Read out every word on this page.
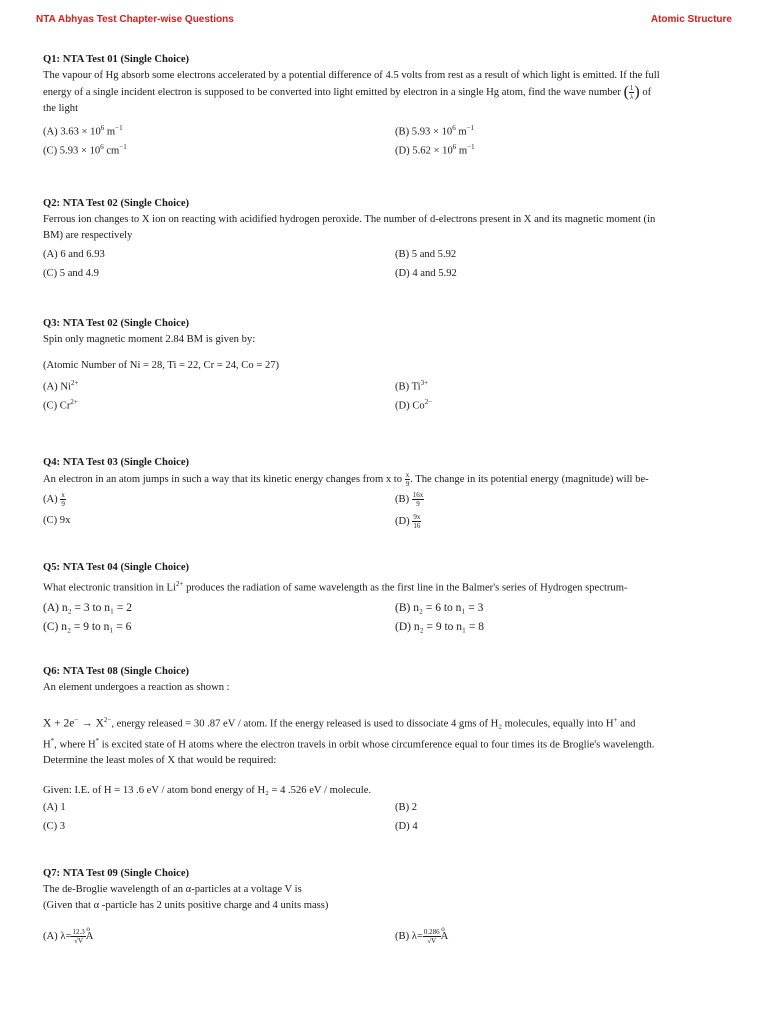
NTA Abhyas Test Chapter-wise Questions	Atomic Structure
Q1: NTA Test 01 (Single Choice)
The vapour of Hg absorb some electrons accelerated by a potential difference of 4.5 volts from rest as a result of which light is emitted. If the full
energy of a single incident electron is supposed to be converted into light emitted by electron in a single Hg atom, find the wave number ( $\frac{1}{\lambda}$ ) of
the light
(A) $3.63 \times 10^6$ $m^{-1}$	(B) $5.93 \times 10^6$ $m^{-1}$
(C) $5.93 \times 10^6$ $cm^{-1}$	(D) $5.62 \times 10^6$ $m^{-1}$
Q2: NTA Test 02 (Single Choice)
Ferrous ion changes to X ion on reacting with acidified hydrogen peroxide. The number of d-electrons present in X and its magnetic moment (in
BM) are respectively
(A) 6 and 6.93	(B) 5 and 5.92
(C) 5 and 4.9	(D) 4 and 5.92
Q3: NTA Test 02 (Single Choice)
Spin only magnetic moment 2.84 BM is given by:
(Atomic Number of Ni = 28, Ti = 22, Cr = 24, Co = 27)
(A) $Ni^{2+}$	(B) $Ti^{3+}$
(C) $Cr^{2+}$	(D) $Co^{2-}$
Q4: NTA Test 03 (Single Choice)
An electron in an atom jumps in such a way that its kinetic energy changes from x to $\frac{x}{9}$ . The change in its potential energy (magnitude) will be-
$(A) \frac{x}{9}$	$(B) \frac{16x}{9}$
(C) 9x	$(D) \frac{9x}{16}$
Q5: NTA Test 04 (Single Choice)
What electronic transition in $Li^{2+}$ produces the radiation of same wavelength as the first line in the Balmer's series of Hydrogen spectrum-
(A) n₂ = 3 to n₁ = 2	(B) n₂ = 6 to n₁ = 3
(C) n₂ = 9 to n₁ = 6	(D) n₂ = 9 to n₁ = 8
Q6: NTA Test 08 (Single Choice)
An element undergoes a reaction as shown :
$X + 2e^- \to X^{2-}$, energy released = 30 .87 eV / atom. If the energy released is used to dissociate 4 gms of H₂ molecules, equally into H+ and
H*, where H* is excited state of H atoms where the electron travels in orbit whose circumference equal to four times its de Broglie's wavelength.
Determine the least moles of X that would be required:
Given: I.E. of H = 13 .6 eV / atom bond energy of H₂ = 4 .526 eV / molecule.
(A) 1	(B) 2
(C) 3	(D) 4
Q7: NTA Test 09 (Single Choice)
The de-Broglie wavelength of an α-particles at a voltage V is
(Given that α -particle has 2 units positive charge and 4 units mass)
(A) $\lambda= \frac{12.3}{√V} A^o$
(B) $\lambda= \frac{0.286}{√V} A^o$
